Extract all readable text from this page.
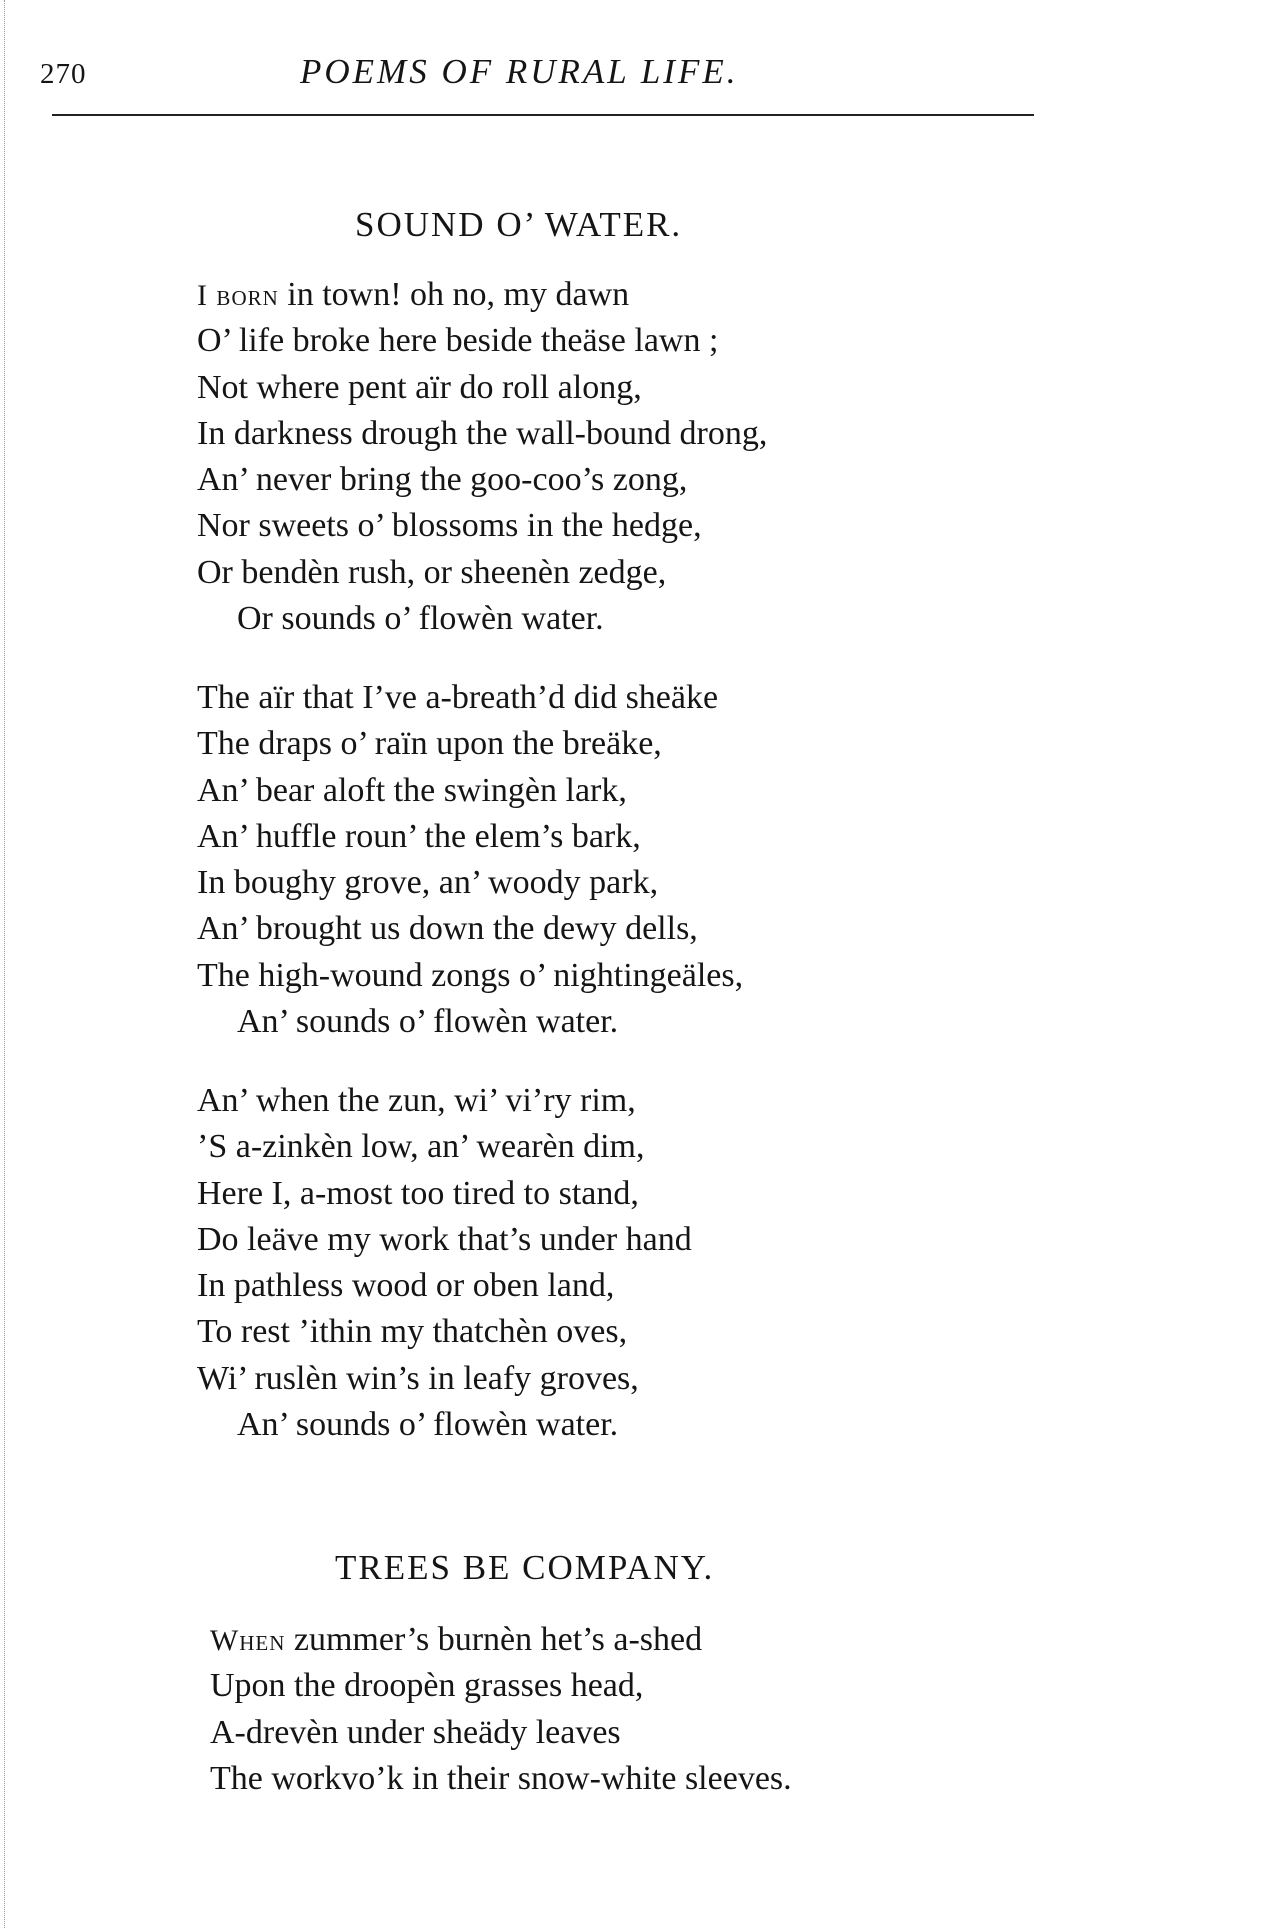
270	POEMS OF RURAL LIFE.
SOUND O’ WATER.
I born in town! oh no, my dawn
O’ life broke here beside theäse lawn ;
Not where pent aïr do roll along,
In darkness drough the wall-bound drong,
An’ never bring the goo-coo’s zong,
Nor sweets o’ blossoms in the hedge,
Or bendèn rush, or sheenèn zedge,
Or sounds o’ flowèn water.
The aïr that I’ve a-breath’d did sheäke
The draps o’ raïn upon the breäke,
An’ bear aloft the swingèn lark,
An’ huffle roun’ the elem’s bark,
In boughy grove, an’ woody park,
An’ brought us down the dewy dells,
The high-wound zongs o’ nightingeäles,
An’ sounds o’ flowèn water.
An’ when the zun, wi’ vi’ry rim,
’S a-zinkèn low, an’ wearèn dim,
Here I, a-most too tired to stand,
Do leäve my work that’s under hand
In pathless wood or oben land,
To rest ’ithin my thatchèn oves,
Wi’ ruslèn win’s in leafy groves,
An’ sounds o’ flowèn water.
TREES BE COMPANY.
When zummer’s burnèn het’s a-shed
Upon the droopèn grasses head,
A-drevèn under sheädy leaves
The workvo’k in their snow-white sleeves.
